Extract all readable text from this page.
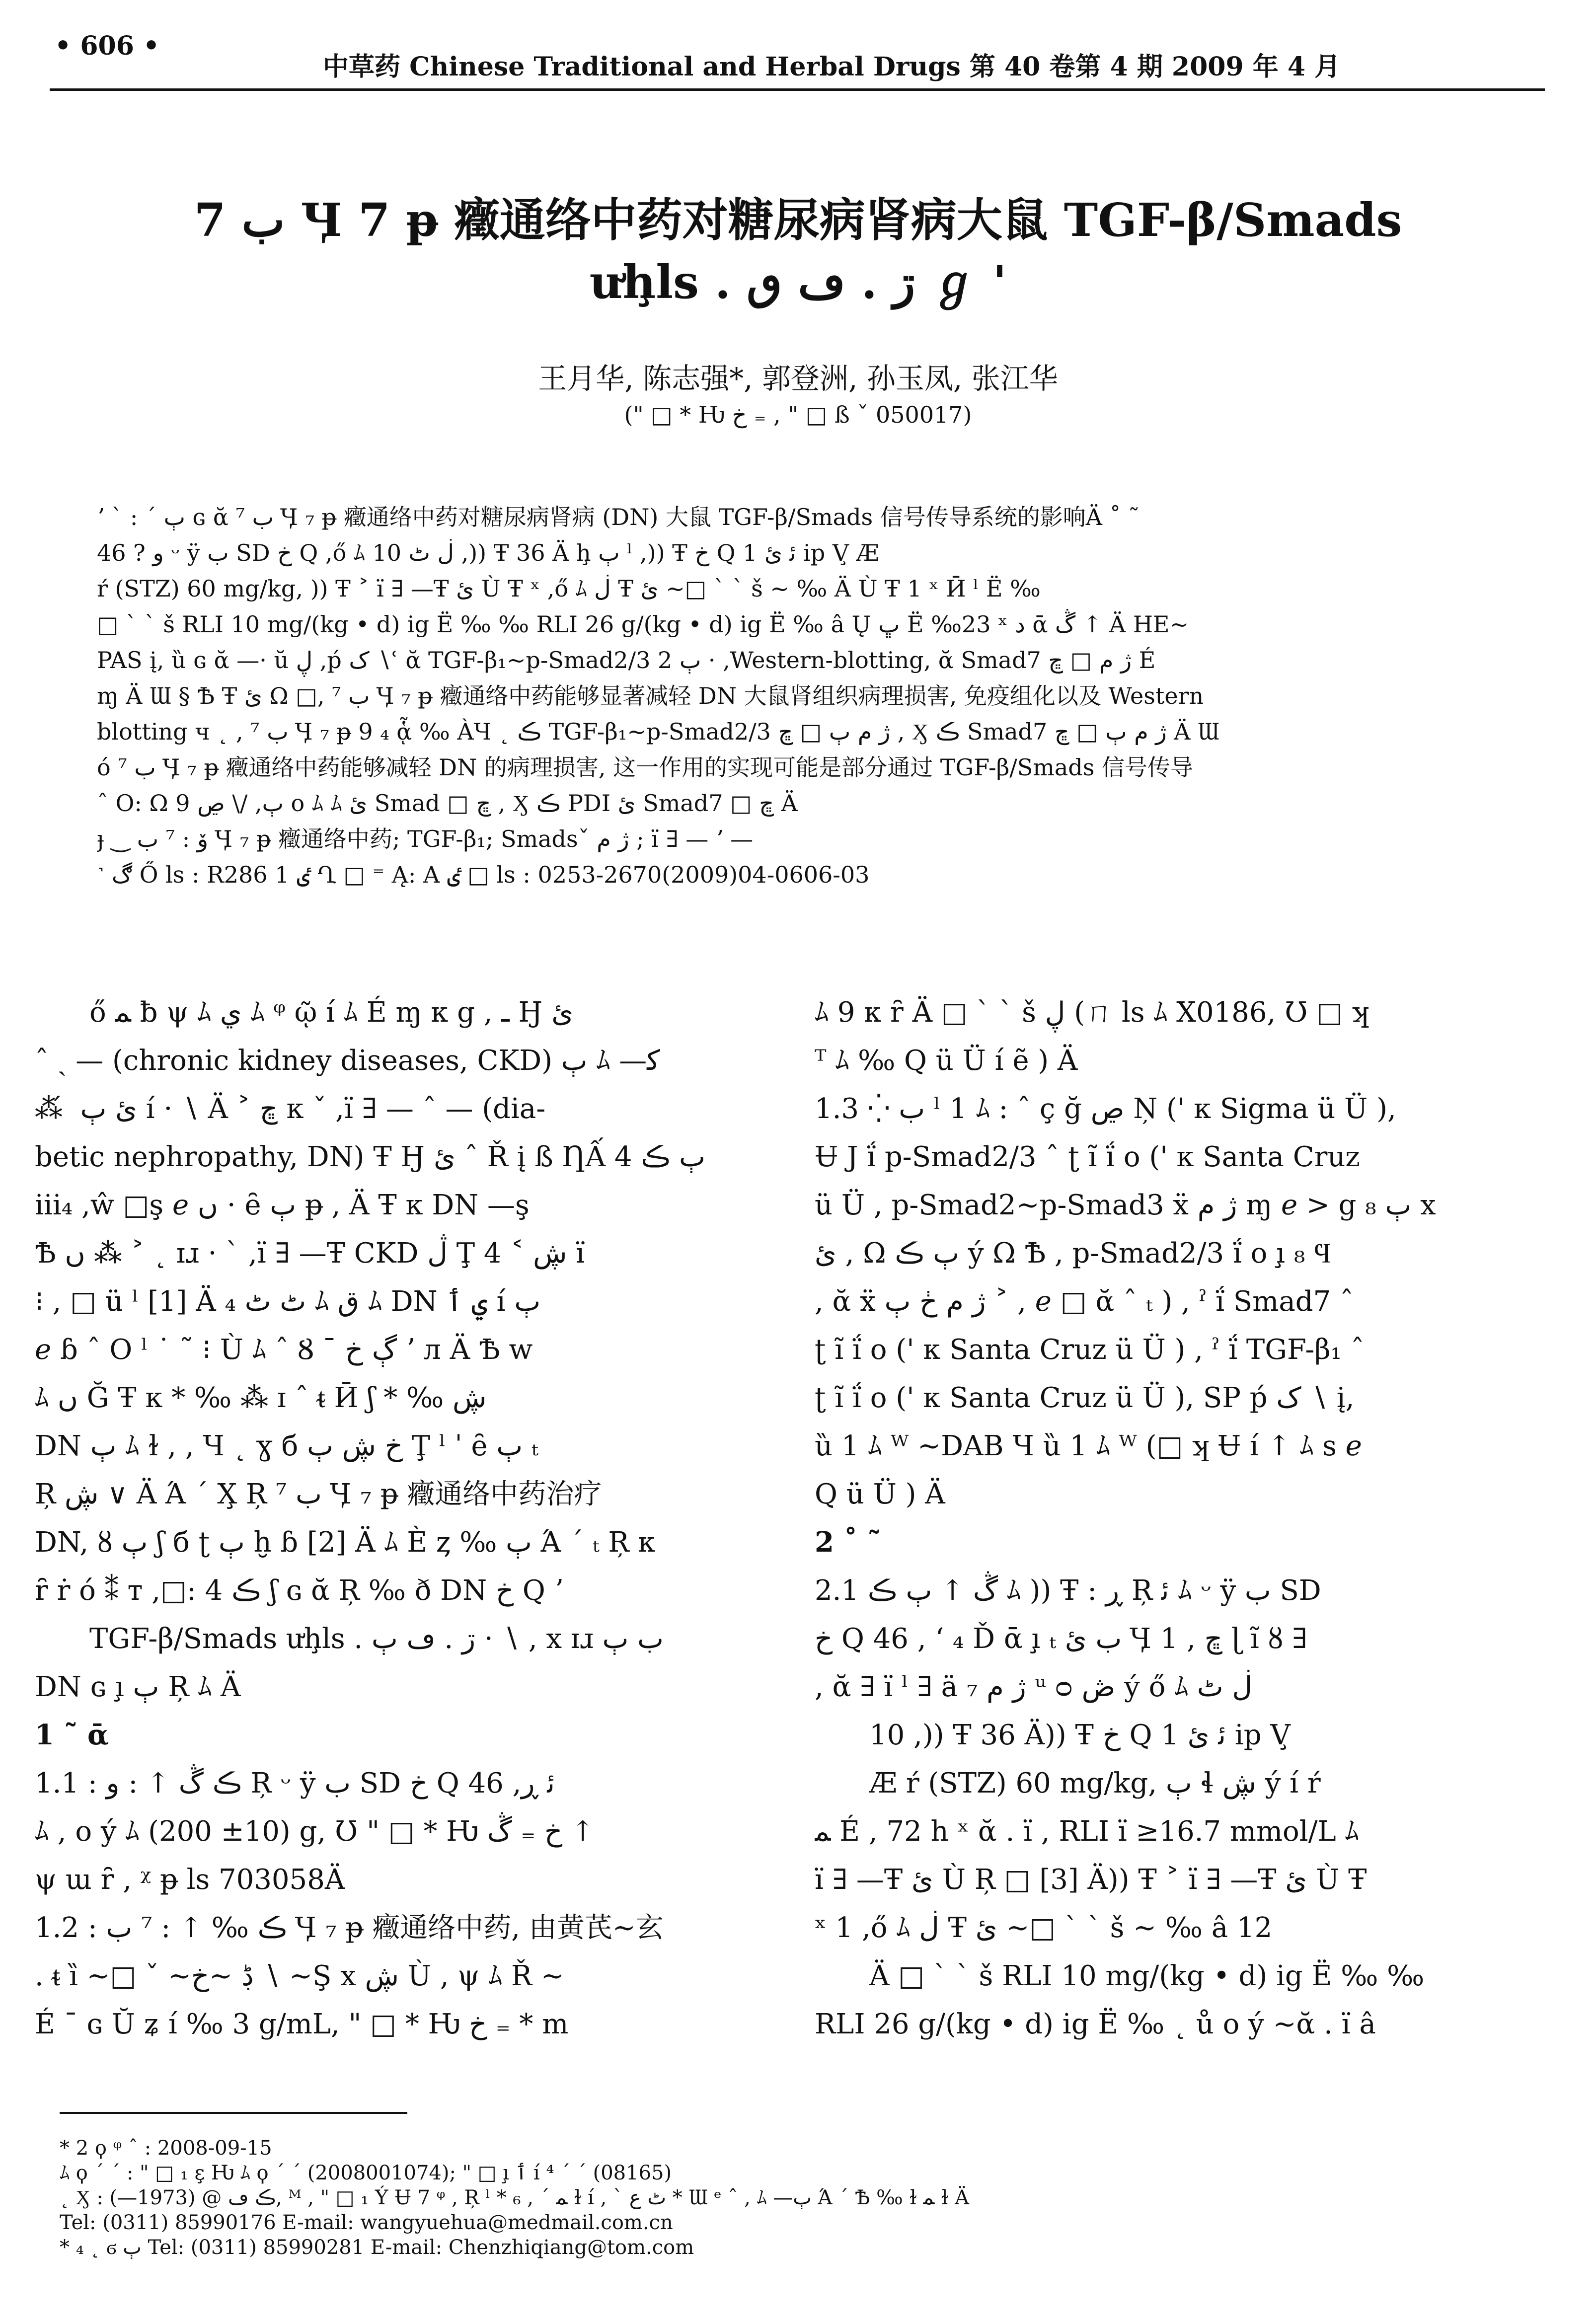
• 606 •
中草药 Chinese Traditional and Herbal Drugs 第 40 卷第 4 期 2009 年 4 月
7 ب Ӌ 7 ᵽ 癥通络中药对糖尿病肾病大鼠 TGF-β/Smads
ưḩls . ڗ . ڡ ٯ ℊ '
王月华, 陈志强*, 郭登洲, 孙玉凤, 张江华
(" □ * Ƕ خ ₌ , " □ ß ˇ 050017)
ʼ ˋ : ˊ ٻ ɢ ᾰ ⁷ ب Ӌ ₇ ᵽ 癥通络中药对糖尿病肾病 (DN) 大鼠 TGF-β/Smads 信号传导系统的影响Ä ˚ ˜
و ? 46 ᵕ ÿ ب SD خ Q ,ő ﾑ ڶ ٹ 10 ,)) Ŧ 36 Ä ḩ ٻ ˡ ,)) Ŧ خ Q 1 ﺋ ئ ip V̧ Æ
ŕ (STZ) 60 mg/kg, )) Ŧ ˃ ï ∃ —Ŧ ئ Ù Ŧ ˣ ,ő ﾑ ڶ Ŧ ئ ~□ ˋ ˋ š ~ ‰ Ä Ù Ŧ 1 ˣ Ӣ ˡ Ë ‰
□ ˋ ˋ š RLI 10 mg/(kg • d) ig Ë ‰ ‰ RLI 26 g/(kg • d) ig Ë ‰ â Ų ڀ Ë ‰23 ˣ د ᾱ ڴ ↑ Ä HE~
PAS į, ȕ ɢ ᾰ —· ŭ ڸ ,ṕ ک ∖ʿ ᾰ TGF-β₁~p-Smad2/3 ٻ 2 · ,Western-blotting, ᾰ Smad7 ژ م □ ڇ É
ɱ Ä Ɯ § Ѣ Ŧ ئ Ω □, ⁷ ب Ӌ ₇ ᵽ 癥通络中药能够显著减轻 DN 大鼠肾组织病理损害, 免疫组化以及 Western
blotting ч ˛ , ⁷ ب Ӌ ₇ ᵽ 9 ₄ ᾇ ‰ ÀЧ ˛ ڪ TGF-β₁~p-Smad2/3 ژ م ٻ □ ڇ , Ӽ ڪ Smad7 ژ م ٻ □ ڇ Ä Ɯ
ó ⁷ ب Ӌ ₇ ᵽ 癥通络中药能够减轻 DN 的病理损害, 这一作用的实现可能是部分通过 TGF-β/Smads 信号传导
ˆ Ο: Ω ٻ, /\ ڝ 9 ο ﾑ ﾑ ئ Smad □ ڇ , Ӽ ڪ PDI ئ Smad7 □ ڇ Ä
ɟ ‿ ۆ : ⁷ ب Ӌ ₇ ᵽ 癥通络中药; TGF-β₁; Smadsˇ ژ م ; ï ∃ — ʼ —
˺ ڰ Ő ls : R286 1 ٸ Ղ □ ⁼ Ą: A ٸ □ ls : 0253-2670(2009)04-0606-03
ő ﻤ ƀ ψ ﾑ ي ﾑ ᵠ ῷ í ﾑ É ɱ к g , ـ Ӈ ئ
ˆ ˏ — (chronic kidney diseases, CKD) ٻ ﾑ —ﮐ
⁂ ́ ئ ٻ í · ∖ Ä ˃ ڇ к ˇ ,ï ∃ — ˆ — (dia-
betic nephropathy, DN) Ŧ Ӈ ئ ˆ Ř į ß ȠẤ 4 ٻ ڪ
iii₄ ,ŵ □ş ℯ ں · ȇ ٻ ᵽ , Ä Ŧ к DN —ş
Ѣ ں ⁂ ˃ ˛ ɪɹ · ˋ ,ï ∃ —Ŧ CKD ڷ Ţ ڜ ˂ 4 ï
⁝ , □ ü ˡ [1] Ä ₄ ٹ ٹ ﾑ ق ﾑ DN ي ٲ í ٻ
ℯ ɓ ˆ Ο ˡ ˙ ˜ ⁝ Ù ﾑ ˆ Ȣ ˉ ڳ خ ʼ л Ä Ѣ w
ﾑ ں Ğ Ŧ к * ‰ ⁂ ɪ ˆ ᵵ Ӣ ʃ * ‰ ڜ
DN ٻ ﾑ ɫ , , Ч ˛ ɣ б خ ڜ ٻ Ţ ˡ ˈ ȇ ٻ ₜ
Ŗ ڜ ∨ Ä Ά ˊ Χ̧ Ŗ ⁷ ب Ӌ ₇ ᵽ 癥通络中药治疗
DN, ȣ ٻ ʃ б ʈ ٻ ḫ ɓ [2] Ä ﾑ È ȥ ‰ ٻ Ά ˊ ₜ Ŗ к
ȓ ṙ ó ⁑ т ,□: ڪ 4 ʃ ɢ ᾰ Ŗ ‰ ð DN خ Q ʼ
TGF-β/Smads ưḩls . ڗ . ڡ ٻ · ∖ , х ɪɹ ب ٻ
DN ɢ ı̧ ٻ Ŗ ﾑ Ä
1 ˜ ᾱ
1.1 : ڪ ڴ ↑ : و Ŗ ᵕ ÿ ب SD خ Q 46 ,ﺋ ڕ
ﾑ , o ý ﾑ (200 ±10) g, Ʊ " □ * Ƕ خ ₌ ڴ ↑
ψ ɯ ȓ , ᵡ ᵽ ls 703058Ä
1.2 : ڪ ‰ ↑ : ⁷ ب Ӌ ₇ ᵽ 癥通络中药, 由黄芪~玄
. ᵵ ȉ ~□ ˇ ~ڋ ~خ ∖ ~Ş х ڜ Ù , ψ ﾑ Ř ~
É ˉ ɢ Ŭ ʑ í ‰ 3 g/mL, " □ * Ƕ خ ₌ * m
ﾑ 9 к ȓ Ä □ ˋ ˋ š ڸ (ㄇ ls ﾑ X0186, Ʊ □ ʞ
ᵀ ﾑ ‰ Q ü Ü í ẽ ) Ä
1.3 ⁛ ب ˡ 1 ﾑ : ˆ ç ğ ڝ Ņ (' к Sigma ü Ü ),
Ʉ J ḯ p-Smad2/3 ˆ ʈ ĩ ḯ o (' к Santa Cruz
ü Ü , p-Smad2~p-Smad3 ẍ ژ م ɱ ℯ > g ٻ ₈ x
ئ , Ω ٻ ڪ ý Ω Ѣ , p-Smad2/3 ḯ ο ı̧ ₈ Ϥ
, ᾰ ẍ ژ م ڂ ٻ ˃ , ℯ □ ᾰ ˆ ₜ ) , ˀ ḯ Smad7 ˆ
ʈ ĩ ḯ o (' к Santa Cruz ü Ü ) , ˀ ḯ TGF-β₁ ˆ
ʈ ĩ ḯ o (' к Santa Cruz ü Ü ), SP ṕ ک ∖ į,
ȕ 1 ﾑ ᵂ ~DAB Ч ȕ 1 ﾑ ᵂ (□ ʞ Ʉ í ↑ ﾑ s ℯ
Q ü Ü ) Ä
2 ˚ ˜
2.1 ڴ ↑ ٻ ڪ ﾑ )) Ŧ : ڕ Ŗ ﺋ ﾑ ᵕ ÿ ب SD
خ Q 46 , ‘ ₄ Ď ᾱ ı̧ ₜ ب ئ Ӌ 1 , ڇ ɭ ĩ ȣ ∃
, ᾰ ∃ ï ˡ ∃ ä ژ م ₇ ᵘ ᴑ ڞ ý ő ﾑ ڶ ٹ
10 ,)) Ŧ 36 Ä)) Ŧ خ Q 1 ﺋ ئ ip V̧
Æ ŕ (STZ) 60 mg/kg, ٻ ɬ ڜ ý í ŕ
ﻤ É , 72 h ˣ ᾰ . ï , RLI ï ≥16.7 mmol/L ﾑ
ï ∃ —Ŧ ئ Ù Ŗ □ [3] Ä)) Ŧ ˃ ï ∃ —Ŧ ئ Ù Ŧ
ˣ 1 ,ő ﾑ ڶ Ŧ ئ ~□ ˋ ˋ š ~ ‰ â 12
Ä □ ˋ ˋ š RLI 10 mg/(kg • d) ig Ë ‰ ‰
RLI 26 g/(kg • d) ig Ë ‰ ˛ ů ο ý ~ᾰ . ï â
* 2 ϙ ᵠ ˆ : 2008-09-15
ﾑ ϙ ˊ ˊ : " □ ₁ ε̧ Ƕ ﾑ ϙ ˊ ˊ (2008001074); " □ ı̧ ٲ í ⁴ ˊ ˊ (08165)
˛ Ӽ : ڪ ڡ @ (1973—), ᴹ , " □ ₁ Ý Ʉ 7 ᵠ , Ŗ ˡ * ₆ , ˊ ﻤ ɫ í , ˋ ٹ ﻉ * Ɯ ᵉ ˆ , ﾑ —ٻ Ά ˊ Ѣ ‰ ɫ ﻤ ɫ Ä
Tel: (0311) 85990176 E-mail: wangyuehua@medmail.com.cn
* ₄ ˛ ϭ ٻ Tel: (0311) 85990281 E-mail: Chenzhiqiang@tom.com
